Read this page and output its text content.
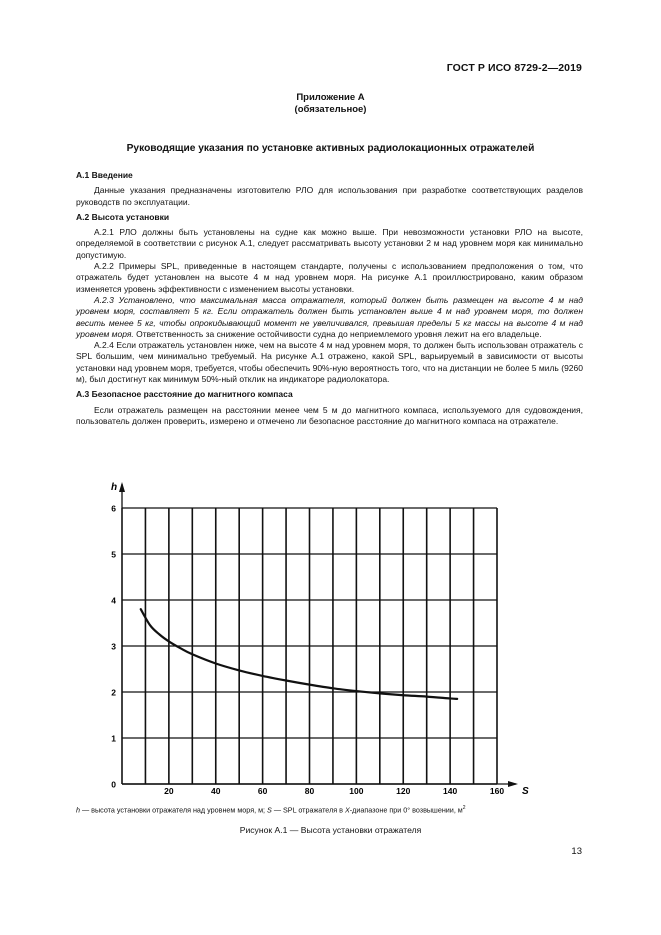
ГОСТ Р ИСО 8729-2—2019
Приложение А
(обязательное)
Руководящие указания по установке активных радиолокационных отражателей
А.1 Введение

Данные указания предназначены изготовителю РЛО для использования при разработке соответствующих разделов руководств по эксплуатации.

А.2 Высота установки

А.2.1 РЛО должны быть установлены на судне как можно выше. При невозможности установки РЛО на высоте, определяемой в соответствии с рисунок А.1, следует рассматривать высоту установки 2 м над уровнем моря как минимально допустимую.

А.2.2 Примеры SPL, приведенные в настоящем стандарте, получены с использованием предположения о том, что отражатель будет установлен на высоте 4 м над уровнем моря. На рисунке А.1 проиллюстрировано, каким образом изменяется уровень эффективности с изменением высоты установки.

А.2.3 Установлено, что максимальная масса отражателя, который должен быть размещен на высоте 4 м над уровнем моря, составляет 5 кг. Если отражатель должен быть установлен выше 4 м над уровнем моря, то должен весить менее 5 кг, чтобы опрокидывающий момент не увеличивался, превышая пределы 5 кг массы на высоте 4 м над уровнем моря. Ответственность за снижение остойчивости судна до неприемлемого уровня лежит на его владельце.

А.2.4 Если отражатель установлен ниже, чем на высоте 4 м над уровнем моря, то должен быть использован отражатель с SPL большим, чем минимально требуемый. На рисунке А.1 отражено, какой SPL, варьируемый в зависимости от высоты установки над уровнем моря, требуется, чтобы обеспечить 90%-ную вероятность того, что на дистанции не более 5 миль (9260 м), был достигнут как минимум 50%-ный отклик на индикаторе радиолокатора.

А.3 Безопасное расстояние до магнитного компаса

Если отражатель размещен на расстоянии менее чем 5 м до магнитного компаса, используемого для судовождения, пользователь должен проверить, измерено и отмечено ли безопасное расстояние до магнитного компаса на отражателе.

0
1
2
3
4
5
6
20	40	60	80	100	120	140	160
h
S
h — высота установки отражателя над уровнем моря, м; S — SPL отражателя в X-диапазоне при 0° возвышении, $м^2$
Рисунок А.1 — Высота установки отражателя
13
